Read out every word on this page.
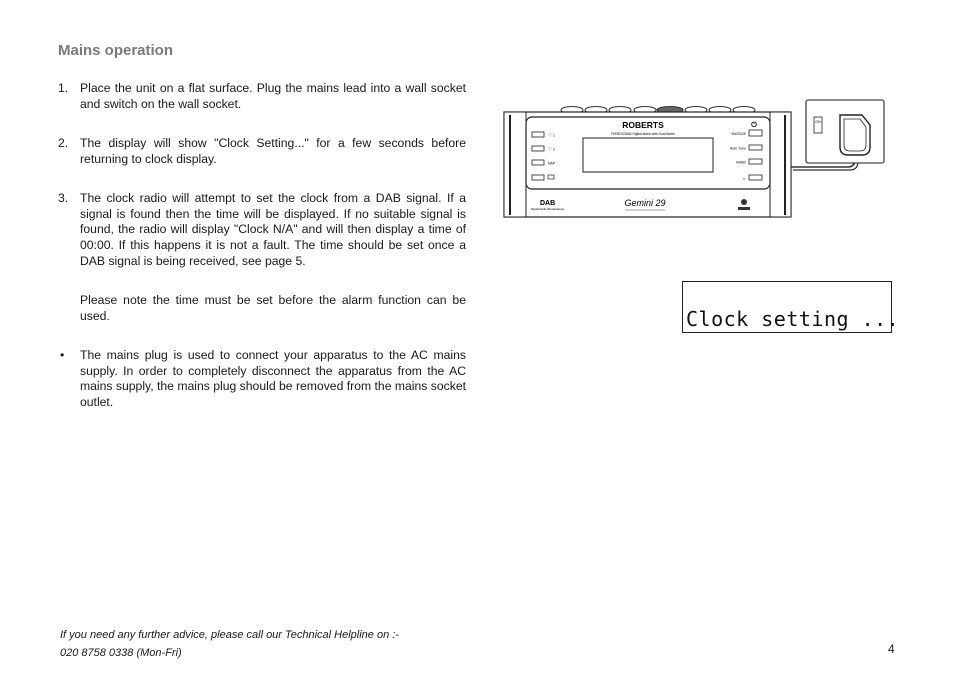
Mains operation
1. Place the unit on a flat surface. Plug the mains lead into a wall socket and switch on the wall socket.
2. The display will show "Clock Setting..." for a few seconds before returning to clock display.
3. The clock radio will attempt to set the clock from a DAB signal. If a signal is found then the time will be displayed. If no suitable signal is found, the radio will display "Clock N/A" and will then display a time of 00:00. If this happens it is not a fault. The time should be set once a DAB signal is being received, see page 5.
Please note the time must be set before the alarm function can be used.
• The mains plug is used to connect your apparatus to the AC mains supply. In order to completely disconnect the apparatus from the AC mains supply, the mains plug should be removed from the mains socket outlet.
ROBERTS
FM/RDS/DAB Digital Alarm with Dual Alarm
♡ 1
♡ 2
NAP
⏻
SNOOZE
Auto Tune
BAND
☼
DAB
Digital Radio Broadcasting
Gemini 29
ON
Clock setting ...
If you need any further advice, please call our Technical Helpline on :-
020 8758 0338 (Mon-Fri)	4
